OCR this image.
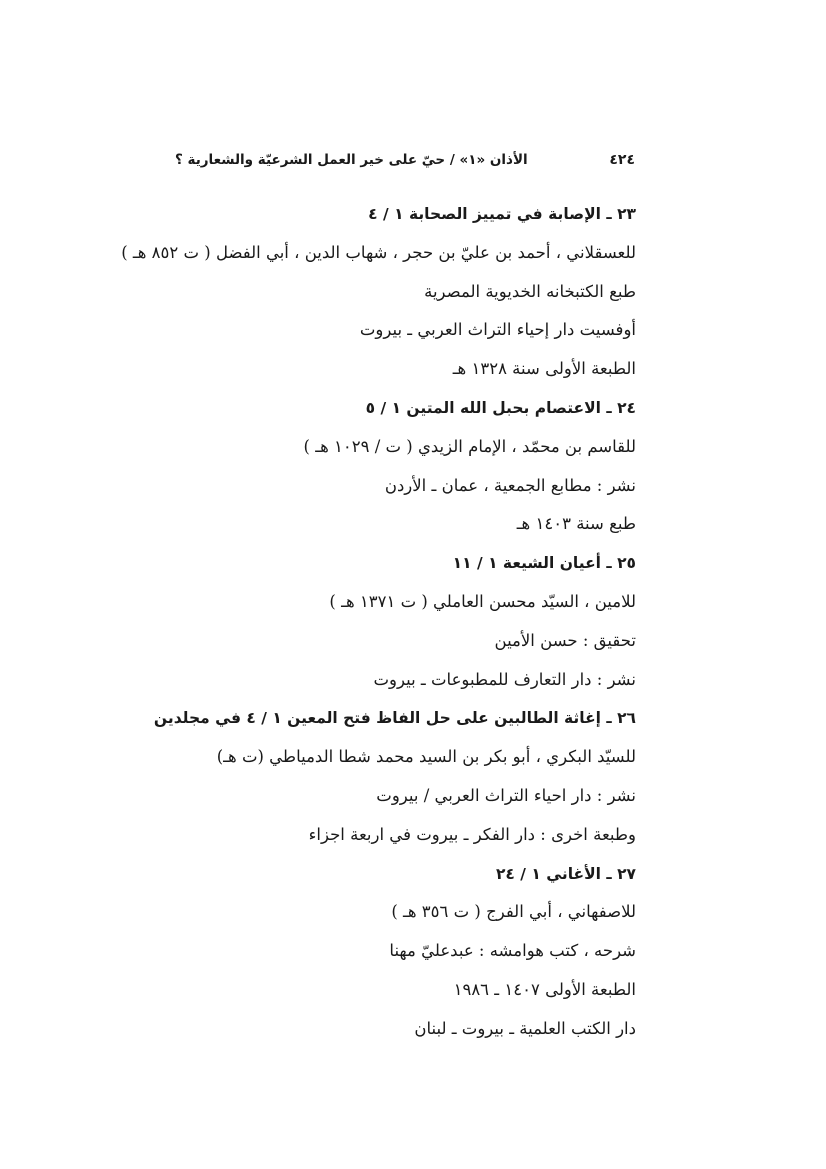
٤٢٤
الأذان «١» / حيّ على خير العمل الشرعيّة والشعارية ؟
٢٣ ـ الإصابة في تمييز الصحابة ١ / ٤
للعسقلاني ، أحمد بن عليّ بن حجر ، شهاب الدين ، أبي الفضل ( ت ٨٥٢ هـ )
طبع الكتبخانه الخديوية المصرية
أوفسيت دار إحياء التراث العربي ـ بيروت
الطبعة الأولى سنة ١٣٢٨ هـ
٢٤ ـ الاعتصام بحبل الله المتين ١ / ٥
للقاسم بن محمّد ، الإمام الزيدي ( ت / ١٠٢٩ هـ )
نشر : مطابع الجمعية ، عمان ـ الأردن
طبع سنة ١٤٠٣ هـ
٢٥ ـ أعيان الشيعة ١ / ١١
للامين ، السيّد محسن العاملي ( ت ١٣٧١ هـ )
تحقيق : حسن الأمين
نشر : دار التعارف للمطبوعات ـ بيروت
٢٦ ـ إغاثة الطالبين على حل الفاظ فتح المعين ١ / ٤ في مجلدين
للسيّد البكري ، أبو بكر بن السيد محمد شطا الدمياطي (ت هـ)
نشر : دار احياء التراث العربي / بيروت
وطبعة اخرى : دار الفكر ـ بيروت في اربعة اجزاء
٢٧ ـ الأغاني ١ / ٢٤
للاصفهاني ، أبي الفرج ( ت ٣٥٦ هـ )
شرحه ، كتب هوامشه : عبدعليّ مهنا
الطبعة الأولى ١٤٠٧ ـ ١٩٨٦
دار الكتب العلمية ـ بيروت ـ لبنان
